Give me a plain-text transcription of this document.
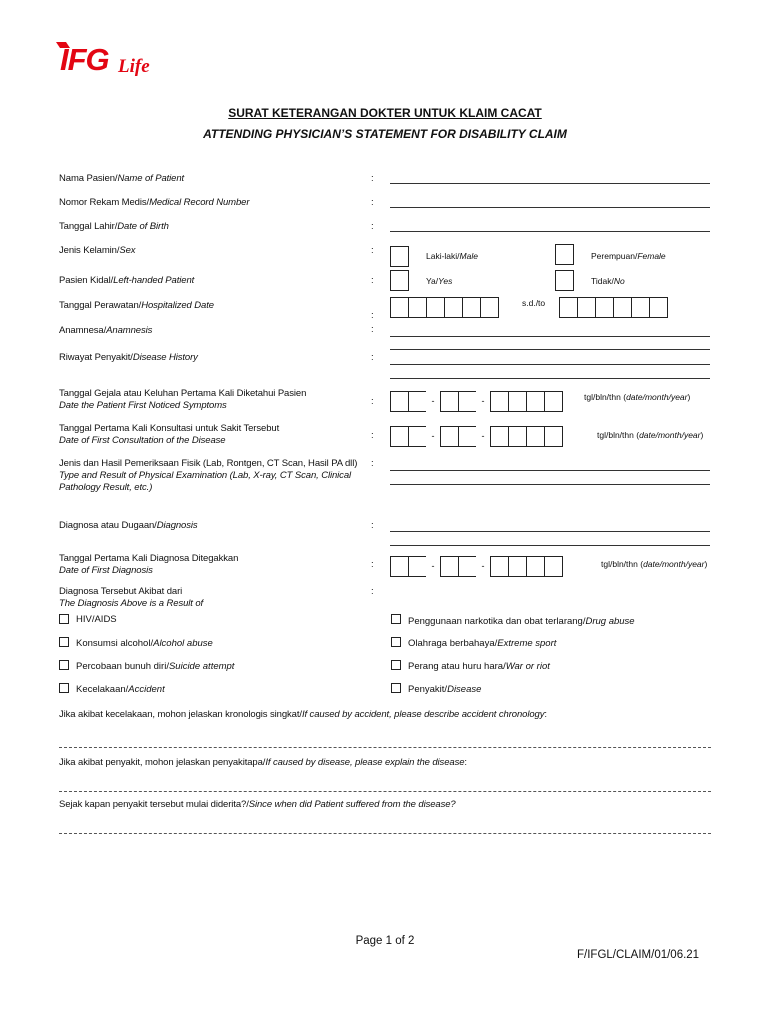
IFG Life
SURAT KETERANGAN DOKTER UNTUK KLAIM CACAT
ATTENDING PHYSICIAN’S STATEMENT FOR DISABILITY CLAIM
Nama Pasien/Name of Patient	:
Nomor Rekam Medis/Medical Record Number	:
Tanggal Lahir/Date of Birth	:
Jenis Kelamin/Sex	:	Laki-laki/Male	Perempuan/Female
Pasien Kidal/Left-handed Patient	:	Ya/Yes	Tidak/No
Tanggal Perawatan/Hospitalized Date
:
s.d./to
Anamnesa/Anamnesis	:
Riwayat Penyakit/Disease History	:
Tanggal Gejala atau Keluhan Pertama Kali Diketahui Pasien
Date the Patient First Noticed Symptoms	:	-	-	tgl/bln/thn (date/month/year)
Tanggal Pertama Kali Konsultasi untuk Sakit Tersebut
Date of First Consultation of the Disease	:	-	-	tgl/bln/thn (date/month/year)
Jenis dan Hasil Pemeriksaan Fisik (Lab, Rontgen, CT Scan, Hasil PA dll)
Type and Result of Physical Examination (Lab, X-ray, CT Scan, Clinical Pathology Result, etc.)
:
Diagnosa atau Dugaan/Diagnosis	:
Tanggal Pertama Kali Diagnosa Ditegakkan
Date of First Diagnosis
:	-	-	tgl/bln/thn (date/month/year)
Diagnosa Tersebut Akibat dari
The Diagnosis Above is a Result of
:
HIV/AIDS	Penggunaan narkotika dan obat terlarang/Drug abuse
Konsumsi alcohol/Alcohol abuse	Olahraga berbahaya/Extreme sport
Percobaan bunuh diri/Suicide attempt	Perang atau huru hara/War or riot
Kecelakaan/Accident	Penyakit/Disease
Jika akibat kecelakaan, mohon jelaskan kronologis singkat/If caused by accident, please describe accident chronology:
Jika akibat penyakit, mohon jelaskan penyakitapa/If caused by disease, please explain the disease:
Sejak kapan penyakit tersebut mulai diderita?/Since when did Patient suffered from the disease?
Page 1 of 2
F/IFGL/CLAIM/01/06.21
